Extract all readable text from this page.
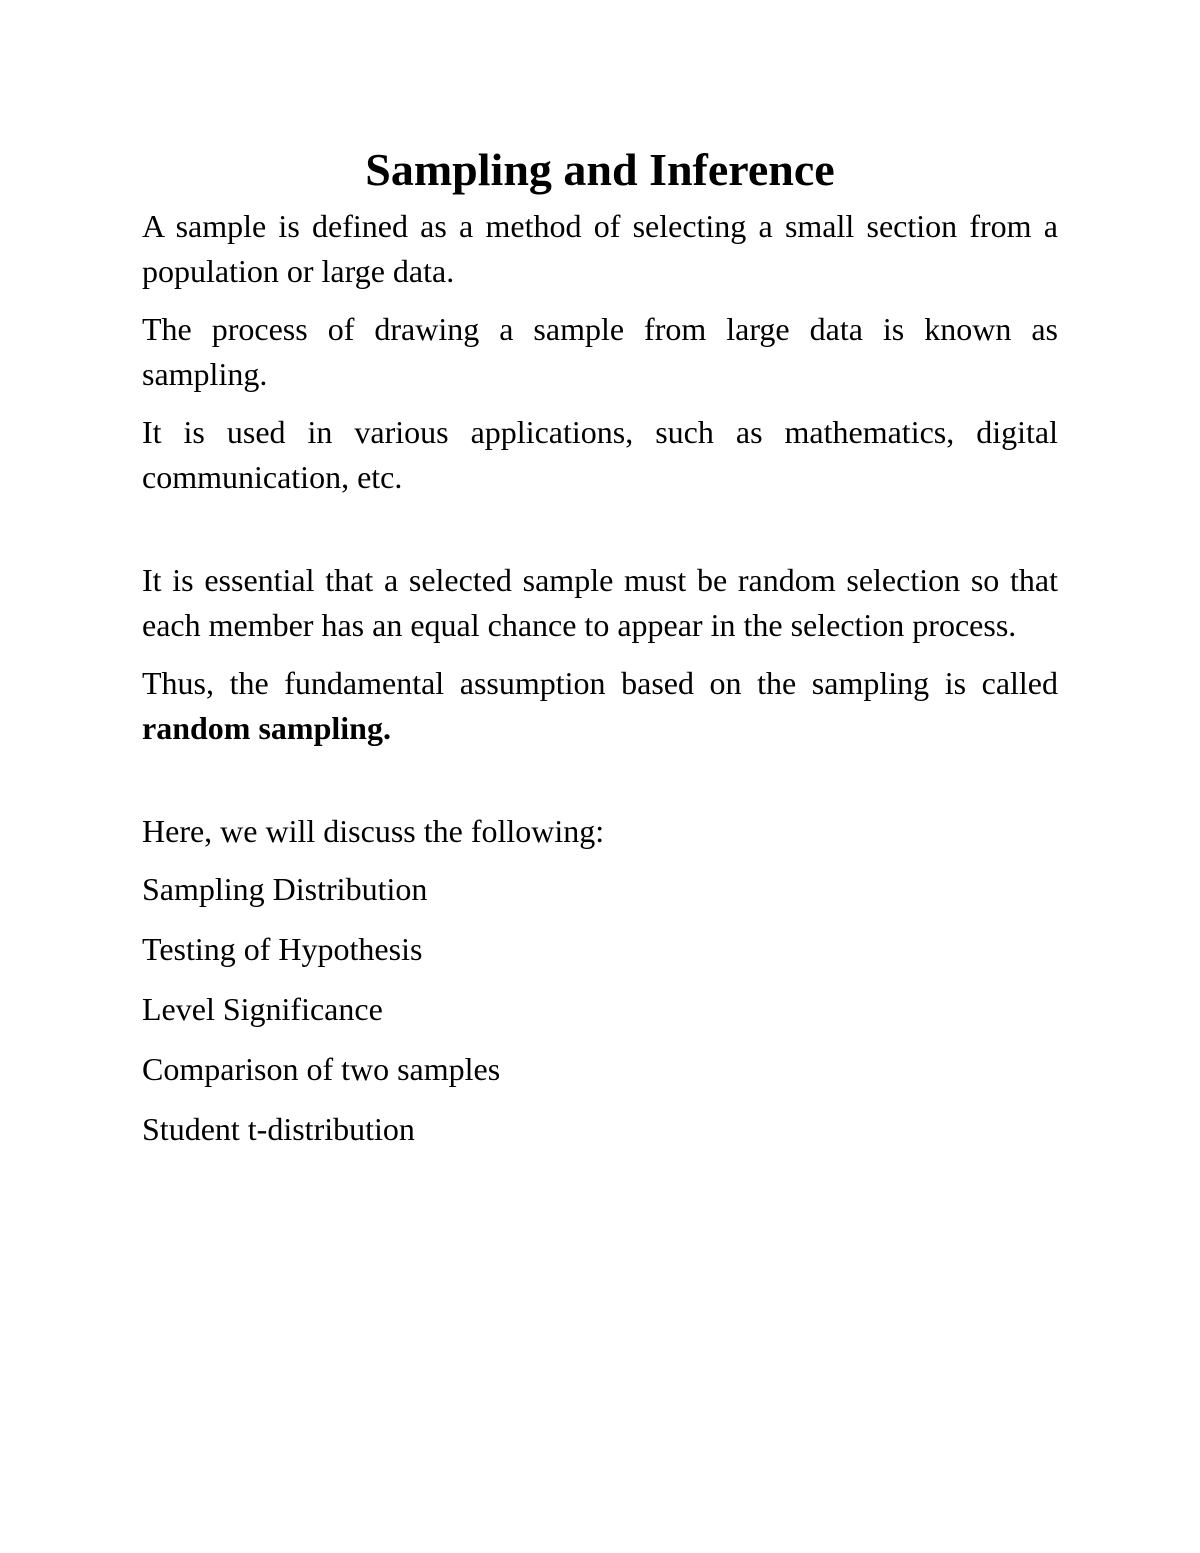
Sampling and Inference

A sample is defined as a method of selecting a small section from a population or large data.

The process of drawing a sample from large data is known as sampling.

It is used in various applications, such as mathematics, digital communication, etc.

It is essential that a selected sample must be random selection so that each member has an equal chance to appear in the selection process.

Thus, the fundamental assumption based on the sampling is called random sampling.

Here, we will discuss the following:

Sampling Distribution
Testing of Hypothesis
Level Significance
Comparison of two samples
Student t-distribution
